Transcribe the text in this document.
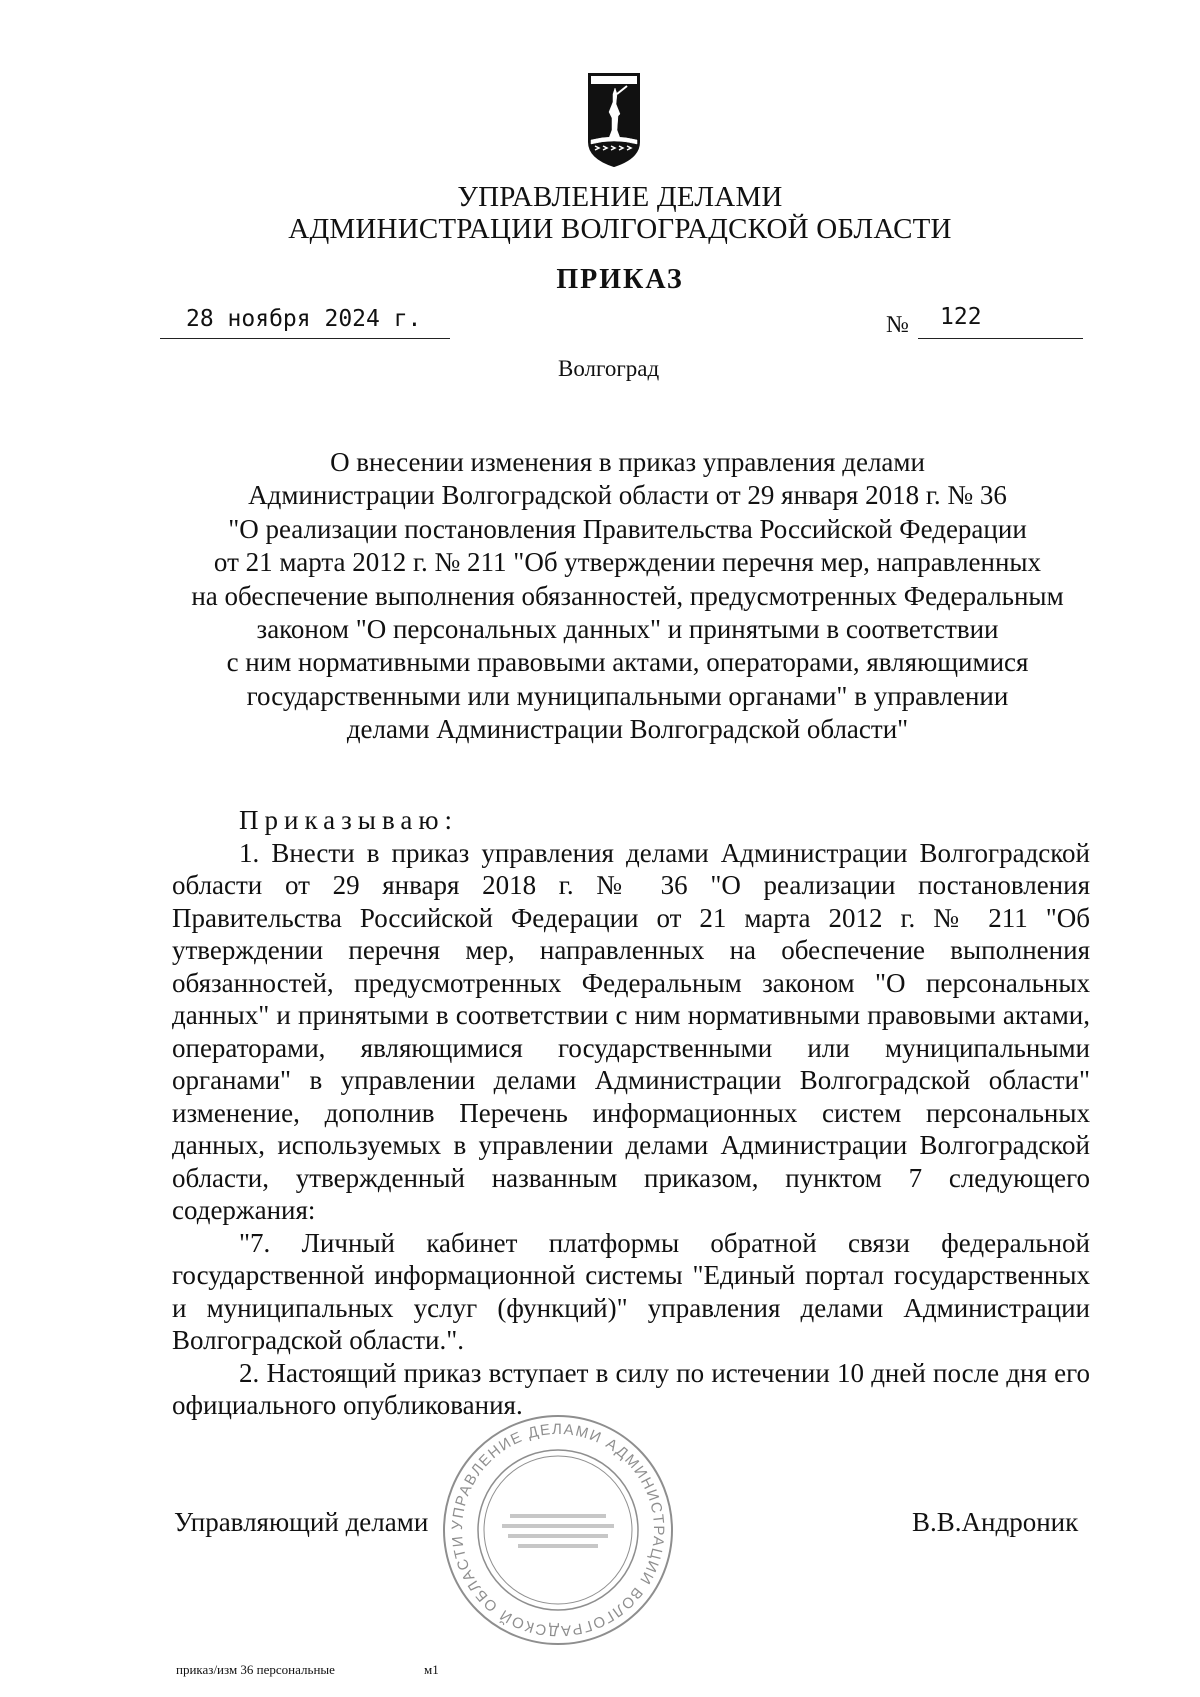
УПРАВЛЕНИЕ ДЕЛАМИ
АДМИНИСТРАЦИИ ВОЛГОГРАДСКОЙ ОБЛАСТИ
ПРИКАЗ
28 ноября 2024 г.	№ 122
Волгоград
О внесении изменения в приказ управления делами
Администрации Волгоградской области от 29 января 2018 г. № 36
"О реализации постановления Правительства Российской Федерации
от 21 марта 2012 г. № 211 "Об утверждении перечня мер, направленных
на обеспечение выполнения обязанностей, предусмотренных Федеральным
законом "О персональных данных" и принятыми в соответствии
с ним нормативными правовыми актами, операторами, являющимися
государственными или муниципальными органами" в управлении
делами Администрации Волгоградской области"

Приказываю:

1. Внести в приказ управления делами Администрации Волгоградской области от 29 января 2018 г. № 36 "О реализации постановления Правительства Российской Федерации от 21 марта 2012 г. № 211 "Об утверждении перечня мер, направленных на обеспечение выполнения обязанностей, предусмотренных Федеральным законом "О персональных данных" и принятыми в соответствии с ним нормативными правовыми актами, операторами, являющимися государственными или муниципальными органами" в управлении делами Администрации Волгоградской области" изменение, дополнив Перечень информационных систем персональных данных, используемых в управлении делами Администрации Волгоградской области, утвержденный названным приказом, пунктом 7 следующего содержания:

"7. Личный кабинет платформы обратной связи федеральной государственной информационной системы "Единый портал государственных и муниципальных услуг (функций)" управления делами Администрации Волгоградской области.".

2. Настоящий приказ вступает в силу по истечении 10 дней после дня его официального опубликования.

УПРАВЛЕНИЕ ДЕЛАМИ АДМИНИСТРАЦИИ ВОЛГОГРАДСКОЙ ОБЛАСТИ
Управляющий делами	В.В.Андроник
приказ/изм 36 персональные	м1
